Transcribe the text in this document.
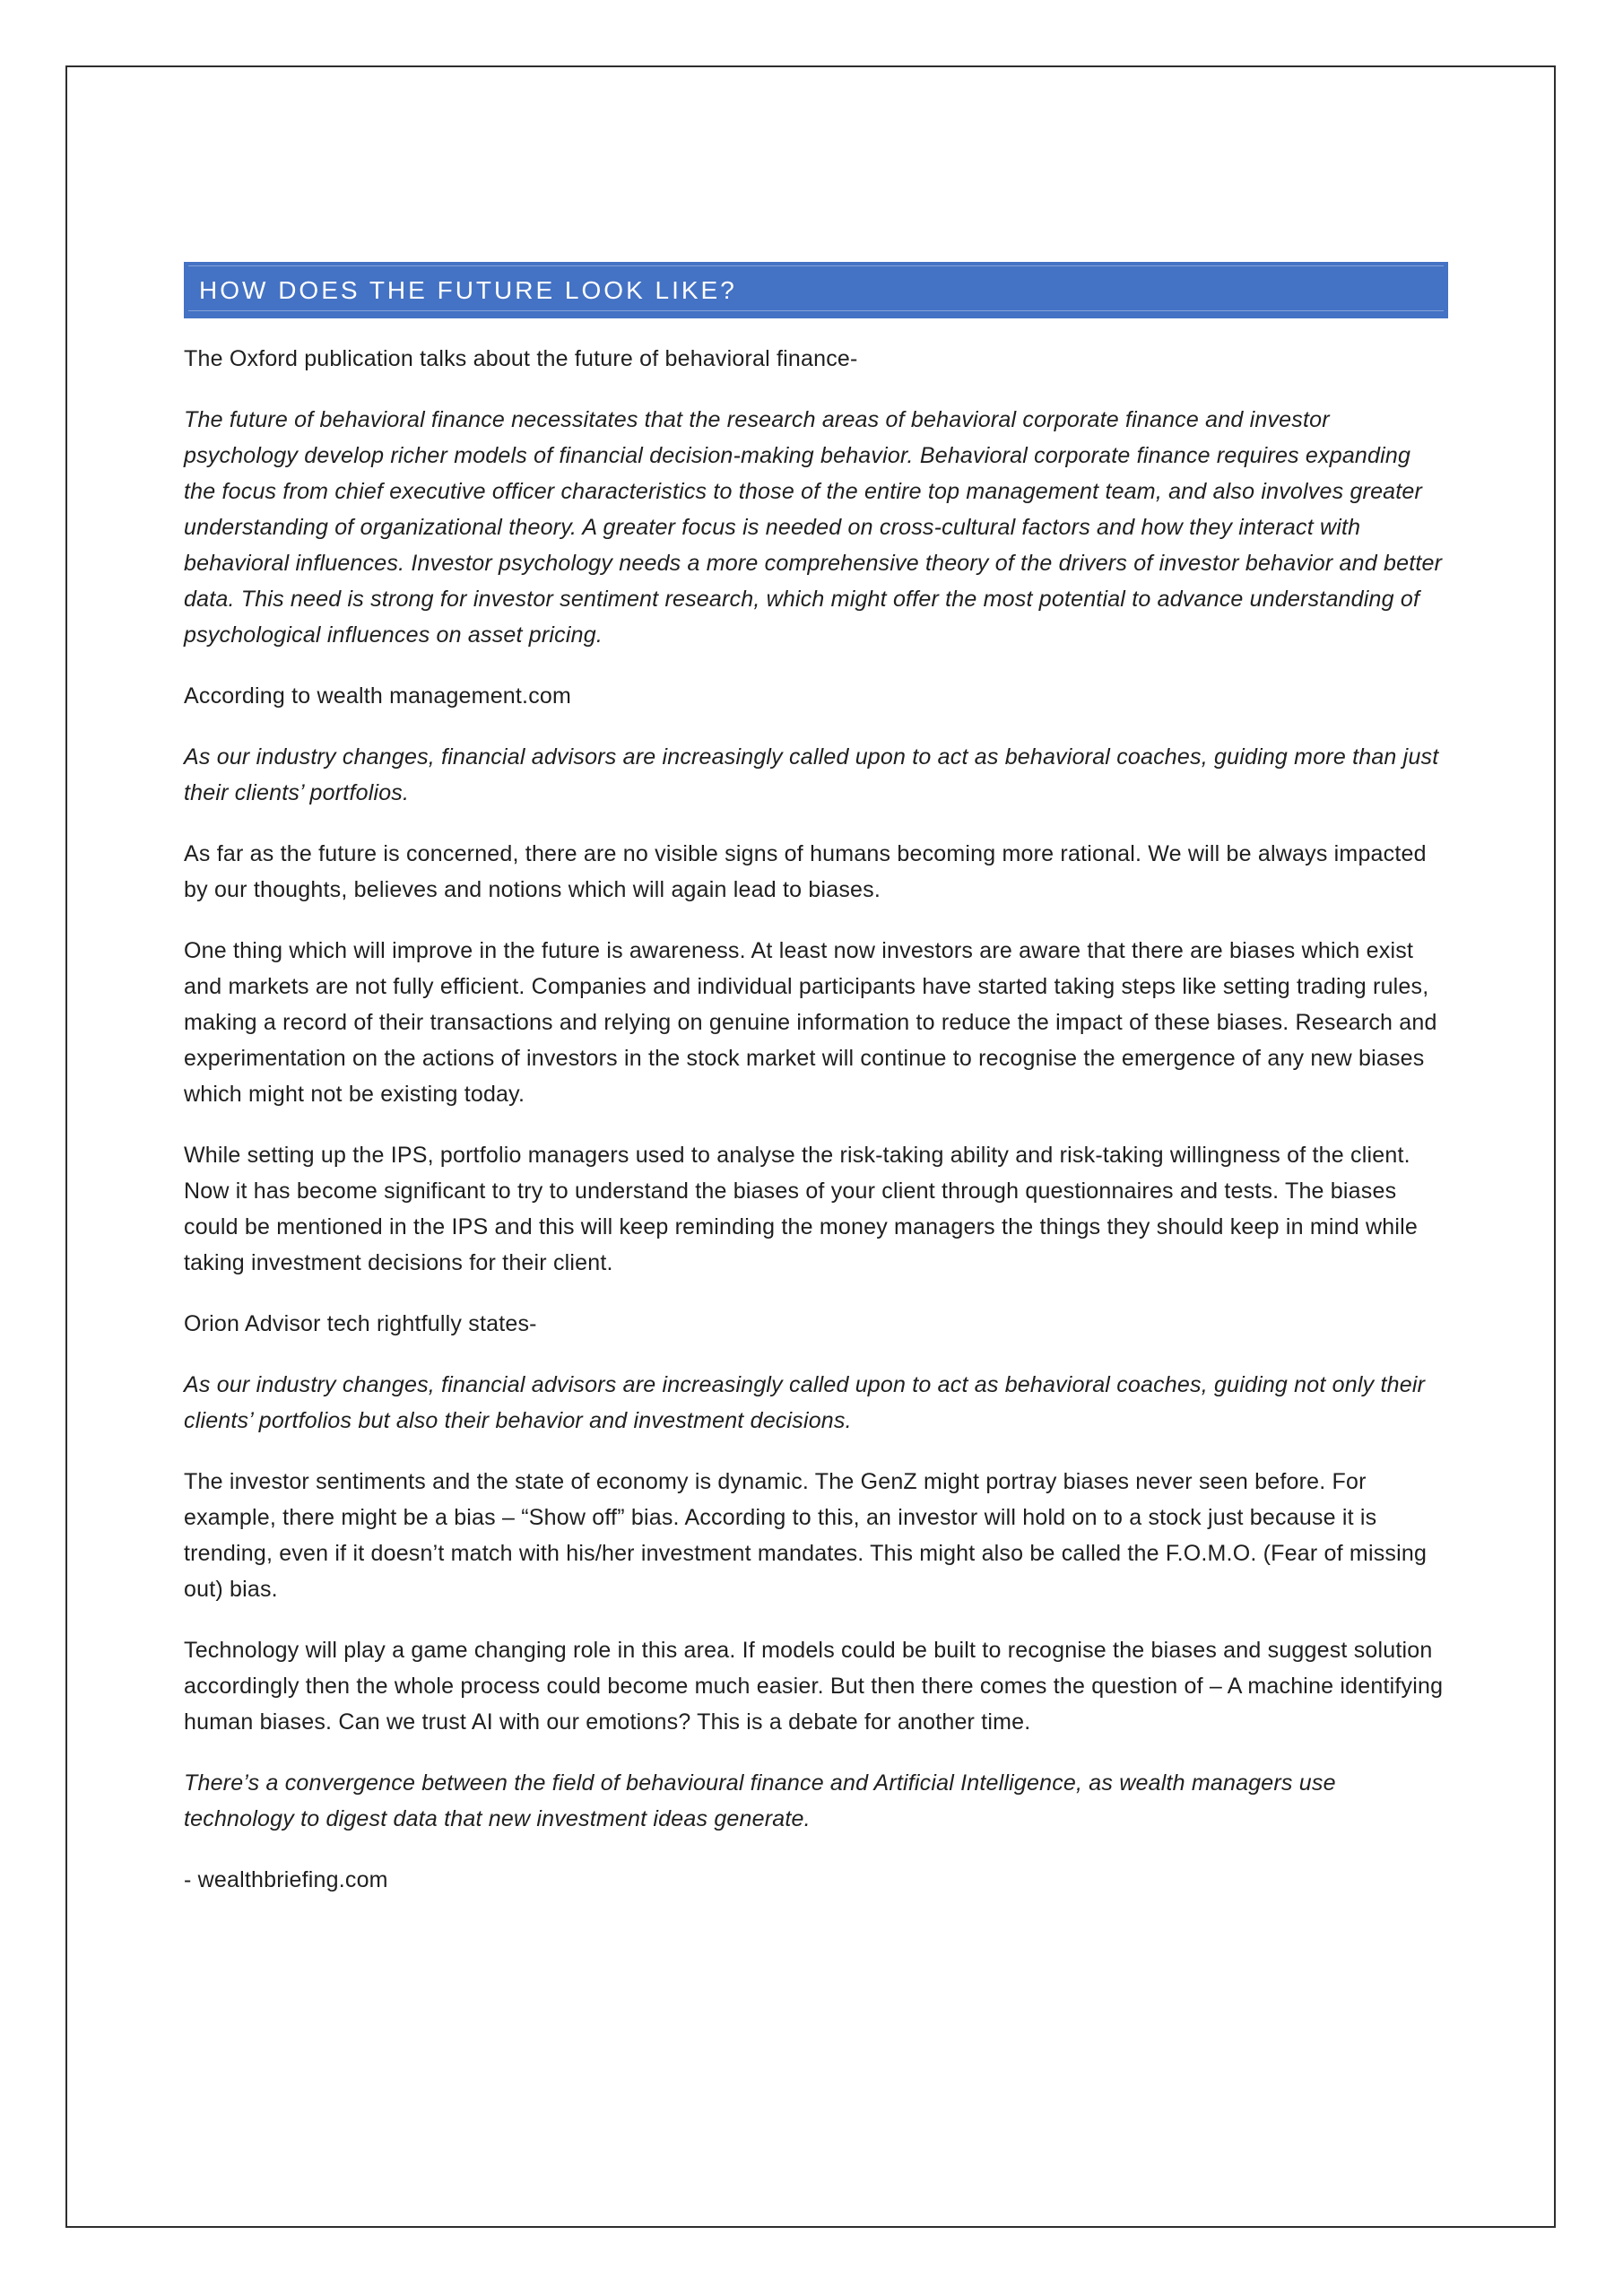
HOW DOES THE FUTURE LOOK LIKE?

The Oxford publication talks about the future of behavioral finance-

The future of behavioral finance necessitates that the research areas of behavioral corporate finance and investor psychology develop richer models of financial decision-making behavior. Behavioral corporate finance requires expanding the focus from chief executive officer characteristics to those of the entire top management team, and also involves greater understanding of organizational theory. A greater focus is needed on cross-cultural factors and how they interact with behavioral influences. Investor psychology needs a more comprehensive theory of the drivers of investor behavior and better data. This need is strong for investor sentiment research, which might offer the most potential to advance understanding of psychological influences on asset pricing.

According to wealth management.com

As our industry changes, financial advisors are increasingly called upon to act as behavioral coaches, guiding more than just their clients’ portfolios.

As far as the future is concerned, there are no visible signs of humans becoming more rational. We will be always impacted by our thoughts, believes and notions which will again lead to biases.

One thing which will improve in the future is awareness. At least now investors are aware that there are biases which exist and markets are not fully efficient. Companies and individual participants have started taking steps like setting trading rules, making a record of their transactions and relying on genuine information to reduce the impact of these biases. Research and experimentation on the actions of investors in the stock market will continue to recognise the emergence of any new biases which might not be existing today.

While setting up the IPS, portfolio managers used to analyse the risk-taking ability and risk-taking willingness of the client. Now it has become significant to try to understand the biases of your client through questionnaires and tests. The biases could be mentioned in the IPS and this will keep reminding the money managers the things they should keep in mind while taking investment decisions for their client.

Orion Advisor tech rightfully states-

As our industry changes, financial advisors are increasingly called upon to act as behavioral coaches, guiding not only their clients’ portfolios but also their behavior and investment decisions.

The investor sentiments and the state of economy is dynamic. The GenZ might portray biases never seen before. For example, there might be a bias – “Show off” bias. According to this, an investor will hold on to a stock just because it is trending, even if it doesn’t match with his/her investment mandates. This might also be called the F.O.M.O. (Fear of missing out) bias.

Technology will play a game changing role in this area. If models could be built to recognise the biases and suggest solution accordingly then the whole process could become much easier. But then there comes the question of – A machine identifying human biases. Can we trust AI with our emotions? This is a debate for another time.

There’s a convergence between the field of behavioural finance and Artificial Intelligence, as wealth managers use technology to digest data that new investment ideas generate.

- wealthbriefing.com
